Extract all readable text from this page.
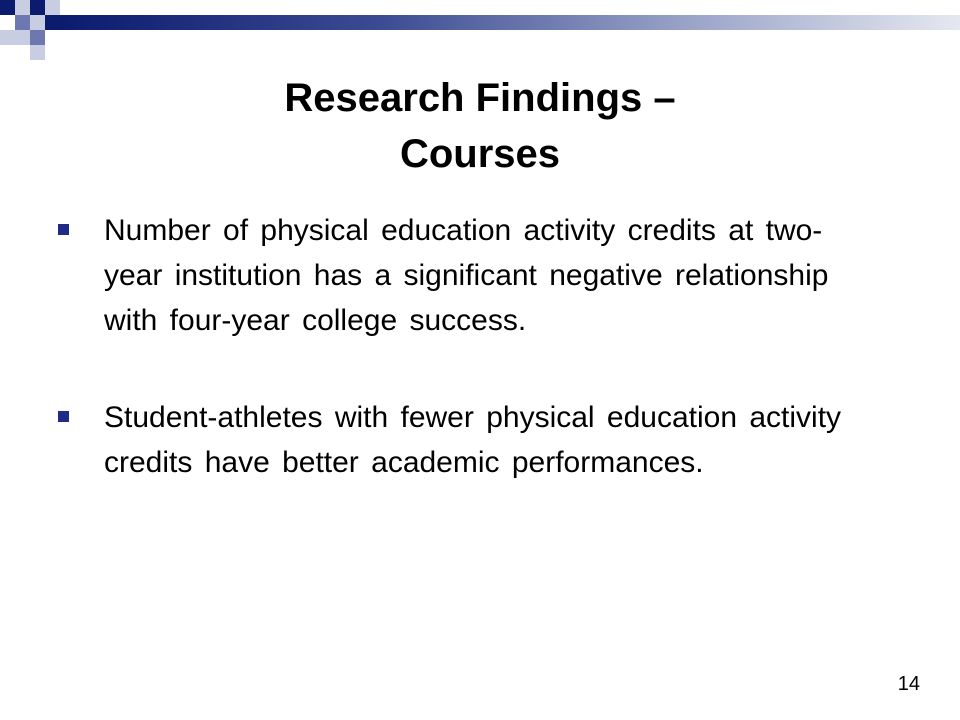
Research Findings –
Courses
Number of physical education activity credits at two-year institution has a significant negative relationship with four-year college success.
Student-athletes with fewer physical education activity credits have better academic performances.
14
